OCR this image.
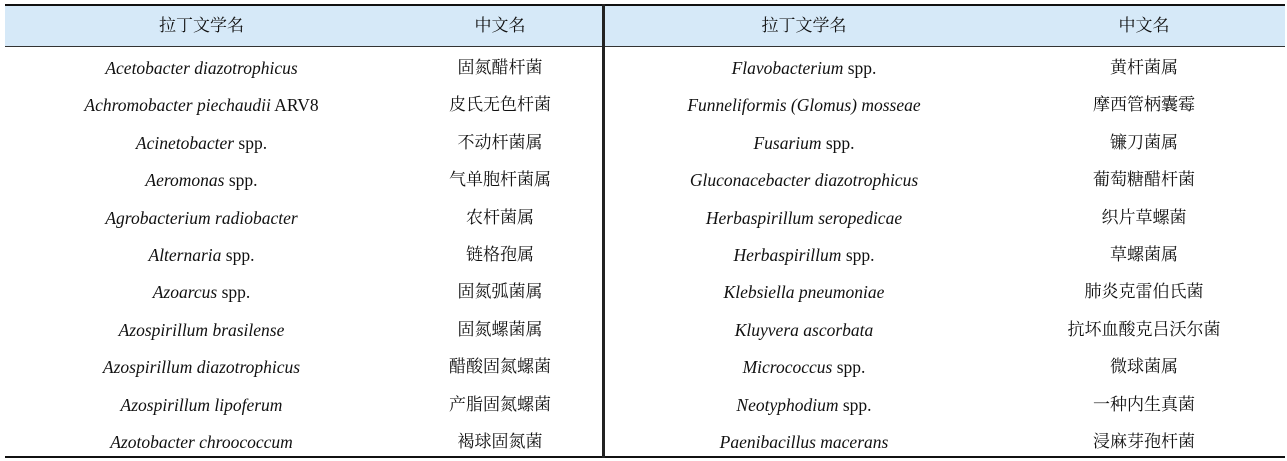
拉丁文学名	中文名	拉丁文学名	中文名
Acetobacter diazotrophicus	固氮醋杆菌	Flavobacterium spp.	黄杆菌属
Achromobacter piechaudii ARV8	皮氏无色杆菌	Funneliformis (Glomus) mosseae	摩西管柄囊霉
Acinetobacter spp.	不动杆菌属	Fusarium spp.	镰刀菌属
Aeromonas spp.	气单胞杆菌属	Gluconacebacter diazotrophicus	葡萄糖醋杆菌
Agrobacterium radiobacter	农杆菌属	Herbaspirillum seropedicae	织片草螺菌
Alternaria spp.	链格孢属	Herbaspirillum spp.	草螺菌属
Azoarcus spp.	固氮弧菌属	Klebsiella pneumoniae	肺炎克雷伯氏菌
Azospirillum brasilense	固氮螺菌属	Kluyvera ascorbata	抗坏血酸克吕沃尔菌
Azospirillum diazotrophicus	醋酸固氮螺菌	Micrococcus spp.	微球菌属
Azospirillum lipoferum	产脂固氮螺菌	Neotyphodium spp.	一种内生真菌
Azotobacter chroococcum	褐球固氮菌	Paenibacillus macerans	浸麻芽孢杆菌
